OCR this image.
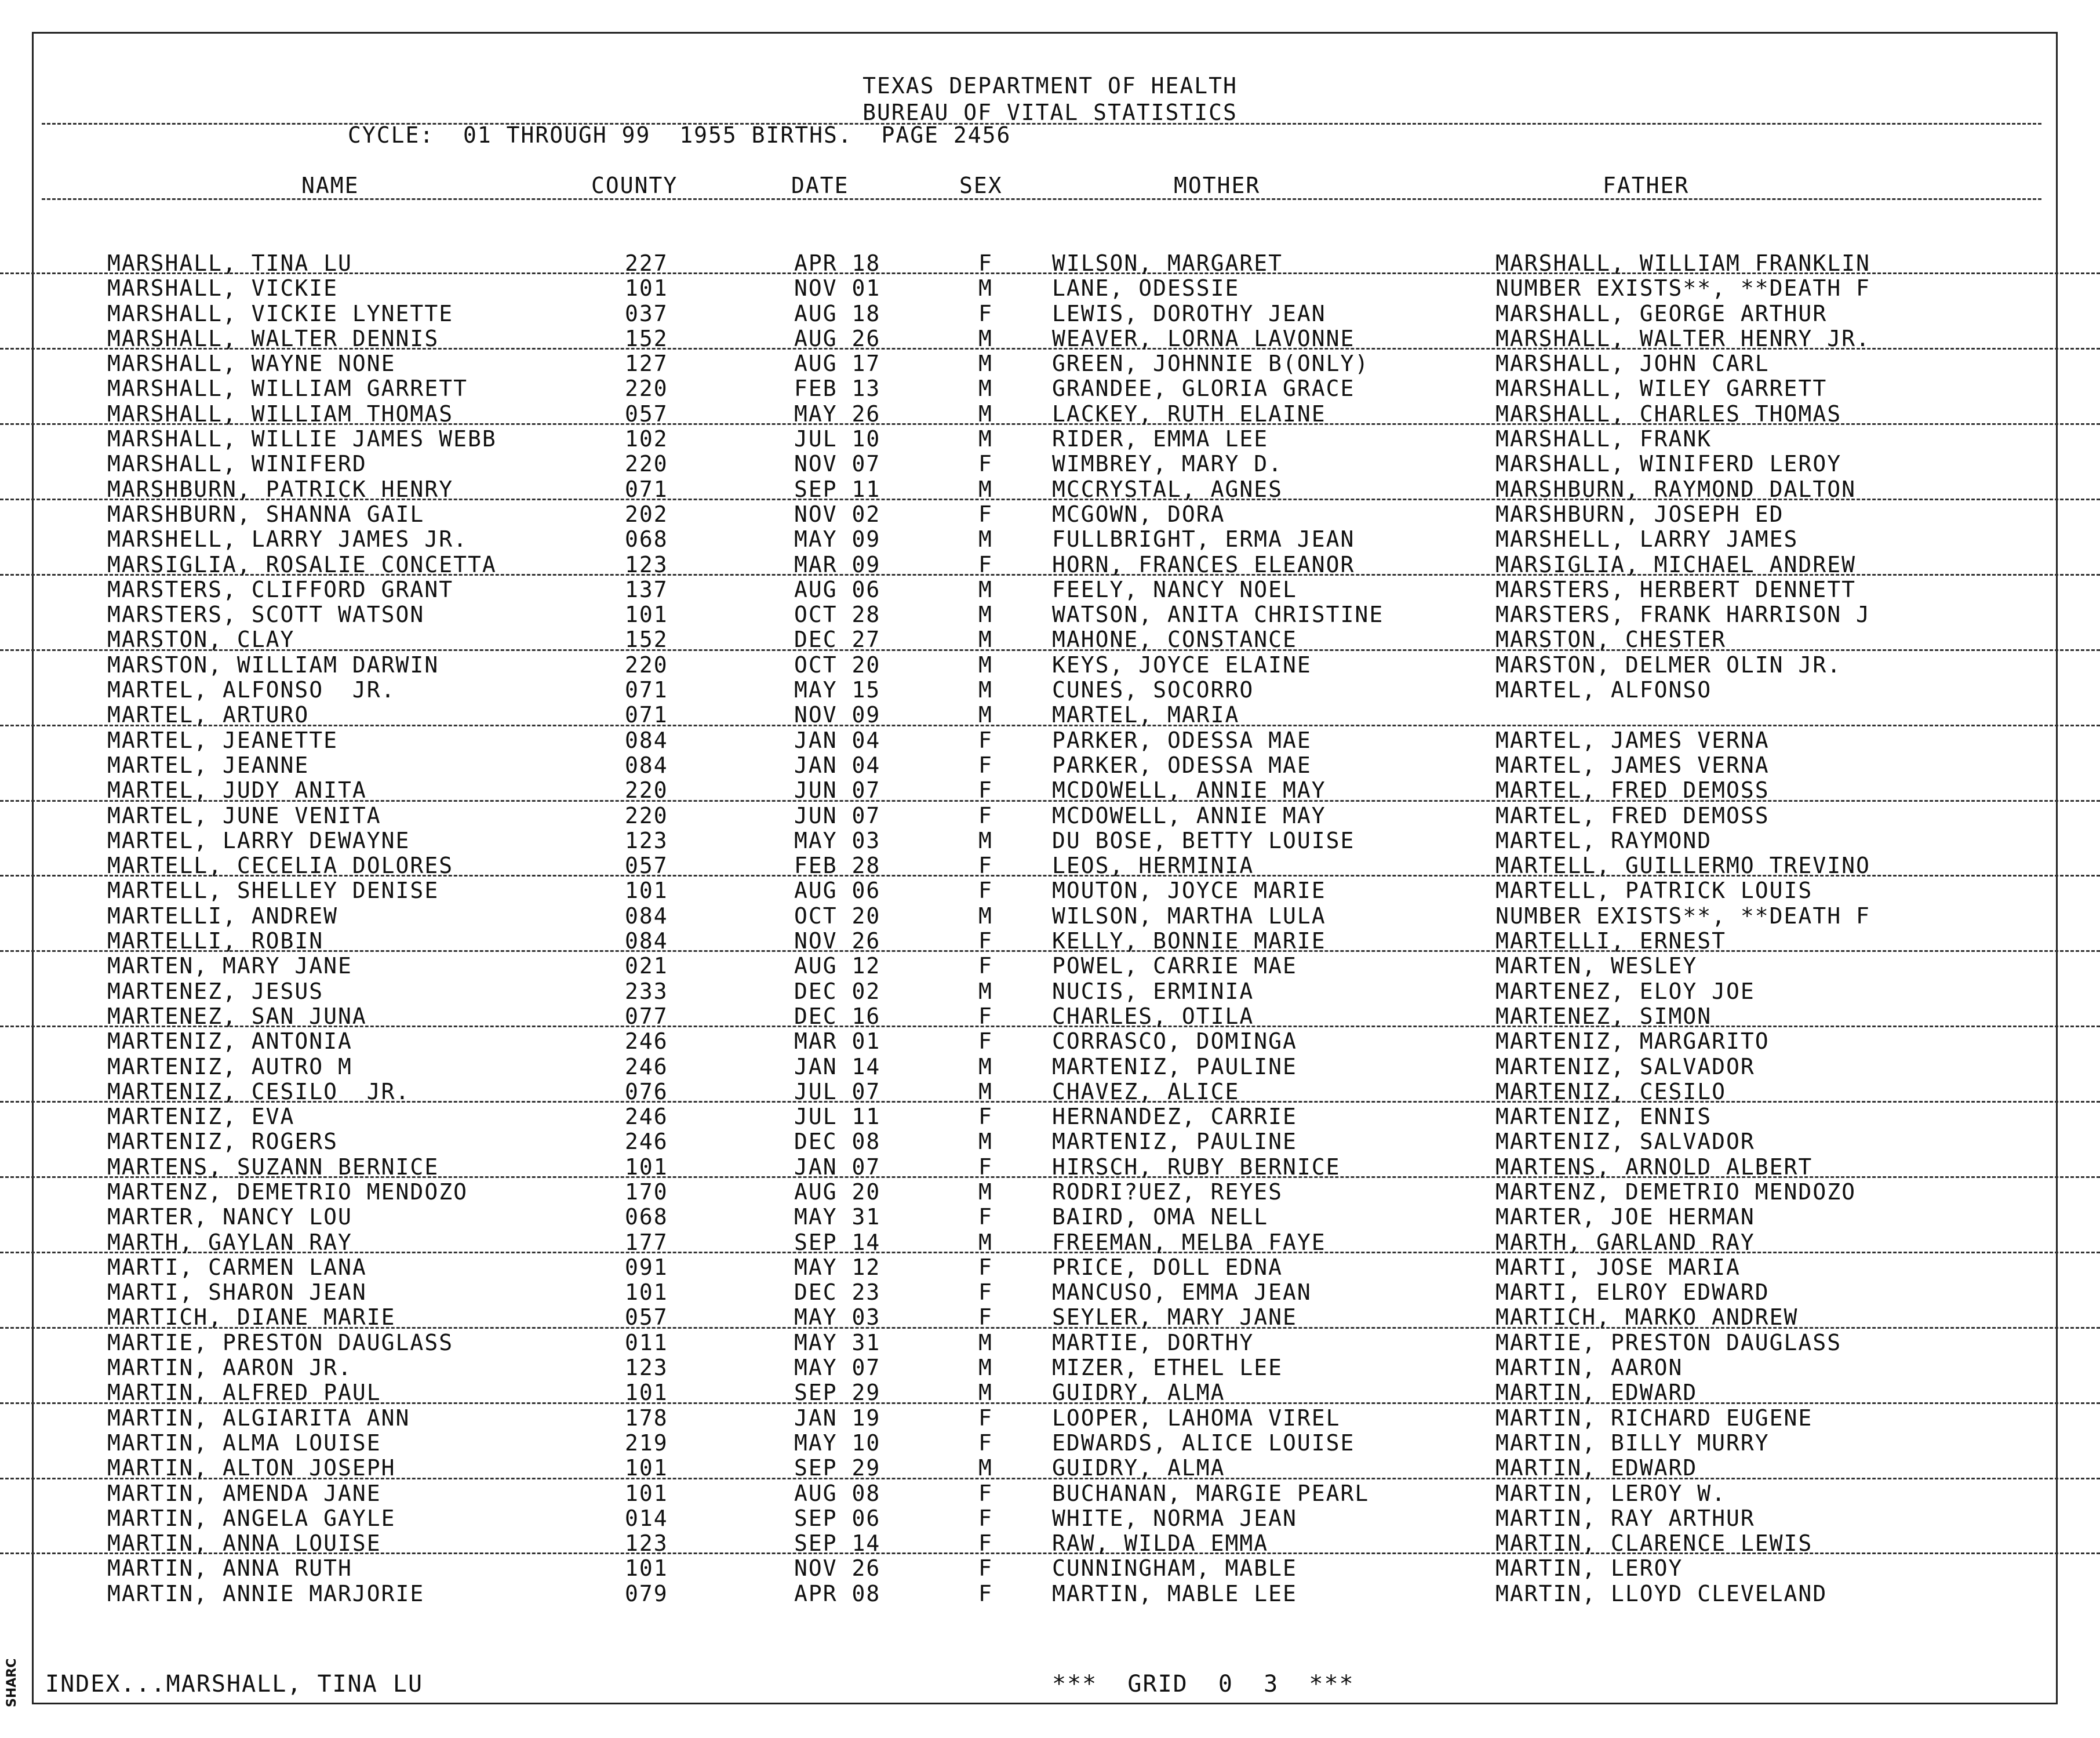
TEXAS DEPARTMENT OF HEALTH
BUREAU OF VITAL STATISTICS
CYCLE:  01 THROUGH 99  1955 BIRTHS.  PAGE 2456
NAME	COUNTY	DATE	SEX	MOTHER	FATHER
MARSHALL, TINA LU	227	APR 18	F	WILSON, MARGARET	MARSHALL, WILLIAM FRANKLIN
MARSHALL, VICKIE	101	NOV 01	M	LANE, ODESSIE	NUMBER EXISTS**, **DEATH F
MARSHALL, VICKIE LYNETTE	037	AUG 18	F	LEWIS, DOROTHY JEAN	MARSHALL, GEORGE ARTHUR
MARSHALL, WALTER DENNIS	152	AUG 26	M	WEAVER, LORNA LAVONNE	MARSHALL, WALTER HENRY JR.
MARSHALL, WAYNE NONE	127	AUG 17	M	GREEN, JOHNNIE B(ONLY)	MARSHALL, JOHN CARL
MARSHALL, WILLIAM GARRETT	220	FEB 13	M	GRANDEE, GLORIA GRACE	MARSHALL, WILEY GARRETT
MARSHALL, WILLIAM THOMAS	057	MAY 26	M	LACKEY, RUTH ELAINE	MARSHALL, CHARLES THOMAS
MARSHALL, WILLIE JAMES WEBB	102	JUL 10	M	RIDER, EMMA LEE	MARSHALL, FRANK
MARSHALL, WINIFERD	220	NOV 07	F	WIMBREY, MARY D.	MARSHALL, WINIFERD LEROY
MARSHBURN, PATRICK HENRY	071	SEP 11	M	MCCRYSTAL, AGNES	MARSHBURN, RAYMOND DALTON
MARSHBURN, SHANNA GAIL	202	NOV 02	F	MCGOWN, DORA	MARSHBURN, JOSEPH ED
MARSHELL, LARRY JAMES JR.	068	MAY 09	M	FULLBRIGHT, ERMA JEAN	MARSHELL, LARRY JAMES
MARSIGLIA, ROSALIE CONCETTA	123	MAR 09	F	HORN, FRANCES ELEANOR	MARSIGLIA, MICHAEL ANDREW
MARSTERS, CLIFFORD GRANT	137	AUG 06	M	FEELY, NANCY NOEL	MARSTERS, HERBERT DENNETT
MARSTERS, SCOTT WATSON	101	OCT 28	M	WATSON, ANITA CHRISTINE	MARSTERS, FRANK HARRISON J
MARSTON, CLAY	152	DEC 27	M	MAHONE, CONSTANCE	MARSTON, CHESTER
MARSTON, WILLIAM DARWIN	220	OCT 20	M	KEYS, JOYCE ELAINE	MARSTON, DELMER OLIN JR.
MARTEL, ALFONSO  JR.	071	MAY 15	M	CUNES, SOCORRO	MARTEL, ALFONSO
MARTEL, ARTURO	071	NOV 09	M	MARTEL, MARIA
MARTEL, JEANETTE	084	JAN 04	F	PARKER, ODESSA MAE	MARTEL, JAMES VERNA
MARTEL, JEANNE	084	JAN 04	F	PARKER, ODESSA MAE	MARTEL, JAMES VERNA
MARTEL, JUDY ANITA	220	JUN 07	F	MCDOWELL, ANNIE MAY	MARTEL, FRED DEMOSS
MARTEL, JUNE VENITA	220	JUN 07	F	MCDOWELL, ANNIE MAY	MARTEL, FRED DEMOSS
MARTEL, LARRY DEWAYNE	123	MAY 03	M	DU BOSE, BETTY LOUISE	MARTEL, RAYMOND
MARTELL, CECELIA DOLORES	057	FEB 28	F	LEOS, HERMINIA	MARTELL, GUILLERMO TREVINO
MARTELL, SHELLEY DENISE	101	AUG 06	F	MOUTON, JOYCE MARIE	MARTELL, PATRICK LOUIS
MARTELLI, ANDREW	084	OCT 20	M	WILSON, MARTHA LULA	NUMBER EXISTS**, **DEATH F
MARTELLI, ROBIN	084	NOV 26	F	KELLY, BONNIE MARIE	MARTELLI, ERNEST
MARTEN, MARY JANE	021	AUG 12	F	POWEL, CARRIE MAE	MARTEN, WESLEY
MARTENEZ, JESUS	233	DEC 02	M	NUCIS, ERMINIA	MARTENEZ, ELOY JOE
MARTENEZ, SAN JUNA	077	DEC 16	F	CHARLES, OTILA	MARTENEZ, SIMON
MARTENIZ, ANTONIA	246	MAR 01	F	CORRASCO, DOMINGA	MARTENIZ, MARGARITO
MARTENIZ, AUTRO M	246	JAN 14	M	MARTENIZ, PAULINE	MARTENIZ, SALVADOR
MARTENIZ, CESILO  JR.	076	JUL 07	M	CHAVEZ, ALICE	MARTENIZ, CESILO
MARTENIZ, EVA	246	JUL 11	F	HERNANDEZ, CARRIE	MARTENIZ, ENNIS
MARTENIZ, ROGERS	246	DEC 08	M	MARTENIZ, PAULINE	MARTENIZ, SALVADOR
MARTENS, SUZANN BERNICE	101	JAN 07	F	HIRSCH, RUBY BERNICE	MARTENS, ARNOLD ALBERT
MARTENZ, DEMETRIO MENDOZO	170	AUG 20	M	RODRI?UEZ, REYES	MARTENZ, DEMETRIO MENDOZO
MARTER, NANCY LOU	068	MAY 31	F	BAIRD, OMA NELL	MARTER, JOE HERMAN
MARTH, GAYLAN RAY	177	SEP 14	M	FREEMAN, MELBA FAYE	MARTH, GARLAND RAY
MARTI, CARMEN LANA	091	MAY 12	F	PRICE, DOLL EDNA	MARTI, JOSE MARIA
MARTI, SHARON JEAN	101	DEC 23	F	MANCUSO, EMMA JEAN	MARTI, ELROY EDWARD
MARTICH, DIANE MARIE	057	MAY 03	F	SEYLER, MARY JANE	MARTICH, MARKO ANDREW
MARTIE, PRESTON DAUGLASS	011	MAY 31	M	MARTIE, DORTHY	MARTIE, PRESTON DAUGLASS
MARTIN, AARON JR.	123	MAY 07	M	MIZER, ETHEL LEE	MARTIN, AARON
MARTIN, ALFRED PAUL	101	SEP 29	M	GUIDRY, ALMA	MARTIN, EDWARD
MARTIN, ALGIARITA ANN	178	JAN 19	F	LOOPER, LAHOMA VIREL	MARTIN, RICHARD EUGENE
MARTIN, ALMA LOUISE	219	MAY 10	F	EDWARDS, ALICE LOUISE	MARTIN, BILLY MURRY
MARTIN, ALTON JOSEPH	101	SEP 29	M	GUIDRY, ALMA	MARTIN, EDWARD
MARTIN, AMENDA JANE	101	AUG 08	F	BUCHANAN, MARGIE PEARL	MARTIN, LEROY W.
MARTIN, ANGELA GAYLE	014	SEP 06	F	WHITE, NORMA JEAN	MARTIN, RAY ARTHUR
MARTIN, ANNA LOUISE	123	SEP 14	F	RAW, WILDA EMMA	MARTIN, CLARENCE LEWIS
MARTIN, ANNA RUTH	101	NOV 26	F	CUNNINGHAM, MABLE	MARTIN, LEROY
MARTIN, ANNIE MARJORIE	079	APR 08	F	MARTIN, MABLE LEE	MARTIN, LLOYD CLEVELAND
INDEX...MARSHALL, TINA LU	***  GRID  0  3  ***
SHARC
